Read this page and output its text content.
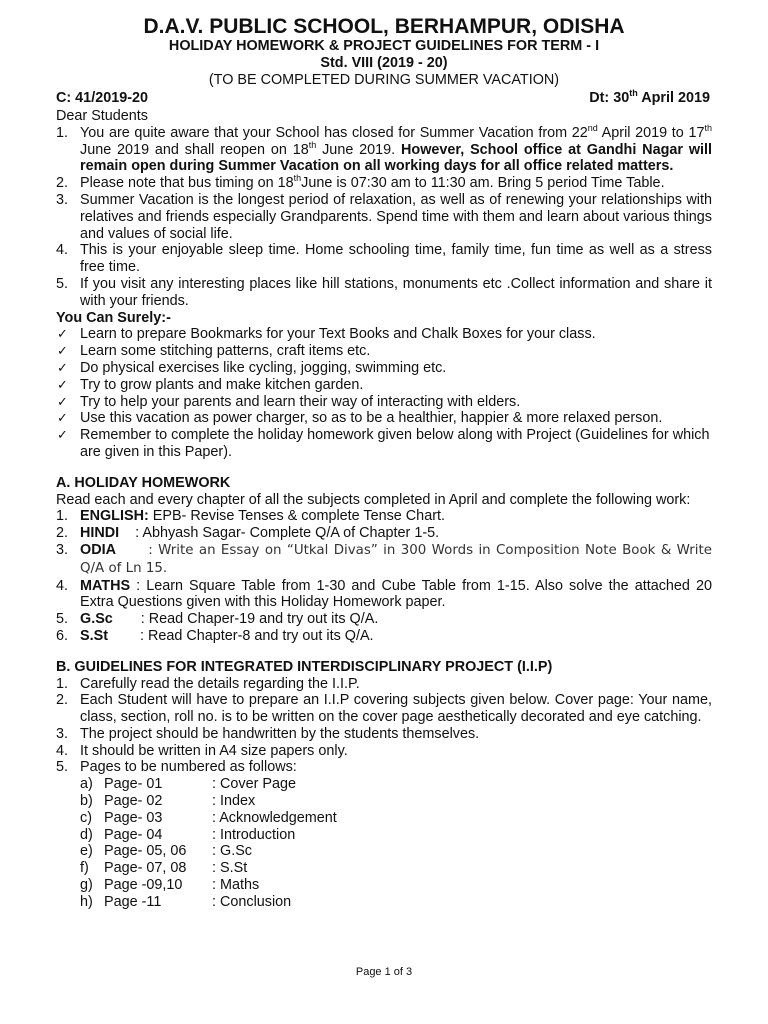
D.A.V. PUBLIC SCHOOL, BERHAMPUR, ODISHA
HOLIDAY HOMEWORK & PROJECT GUIDELINES FOR TERM - I
Std. VIII (2019 - 20)
(TO BE COMPLETED DURING SUMMER VACATION)
C: 41/2019-20	Dt: 30th April 2019

Dear Students

1. You are quite aware that your School has closed for Summer Vacation from 22nd April 2019 to 17th June 2019 and shall reopen on 18th June 2019. However, School office at Gandhi Nagar will remain open during Summer Vacation on all working days for all office related matters.
2. Please note that bus timing on 18thJune is 07:30 am to 11:30 am. Bring 5 period Time Table.
3. Summer Vacation is the longest period of relaxation, as well as of renewing your relationships with relatives and friends especially Grandparents. Spend time with them and learn about various things and values of social life.
4. This is your enjoyable sleep time. Home schooling time, family time, fun time as well as a stress free time.
5. If you visit any interesting places like hill stations, monuments etc .Collect information and share it with your friends.

You Can Surely:-

✓ Learn to prepare Bookmarks for your Text Books and Chalk Boxes for your class.
✓ Learn some stitching patterns, craft items etc.
✓ Do physical exercises like cycling, jogging, swimming etc.
✓ Try to grow plants and make kitchen garden.
✓ Try to help your parents and learn their way of interacting with elders.
✓ Use this vacation as power charger, so as to be a healthier, happier & more relaxed person.
✓ Remember to complete the holiday homework given below along with Project (Guidelines for which are given in this Paper).

A. HOLIDAY HOMEWORK

Read each and every chapter of all the subjects completed in April and complete the following work:

1. ENGLISH: EPB- Revise Tenses & complete Tense Chart.
2. HINDI    : Abhyash Sagar- Complete Q/A of Chapter 1-5.
3. ODIA      : Write an Essay on “Utkal Divas” in 300 Words in Composition Note Book & Write Q/A of Ln 15.
4. MATHS : Learn Square Table from 1-30 and Cube Table from 1-15. Also solve the attached 20 Extra Questions given with this Holiday Homework paper.
5. G.Sc       : Read Chaper-19 and try out its Q/A.
6. S.St        : Read Chapter-8 and try out its Q/A.

B. GUIDELINES FOR INTEGRATED INTERDISCIPLINARY PROJECT (I.I.P)

1. Carefully read the details regarding the I.I.P.
2. Each Student will have to prepare an I.I.P covering subjects given below. Cover page: Your name, class, section, roll no. is to be written on the cover page aesthetically decorated and eye catching.
3. The project should be handwritten by the students themselves.
4. It should be written in A4 size papers only.
5. Pages to be numbered as follows:
a) Page- 01	: Cover Page
b) Page- 02	: Index
c) Page- 03	: Acknowledgement
d) Page- 04	: Introduction
e) Page- 05, 06 : G.Sc
f) Page- 07, 08 : S.St
g) Page -09,10 : Maths
h) Page -11	: Conclusion
Page 1 of 3
